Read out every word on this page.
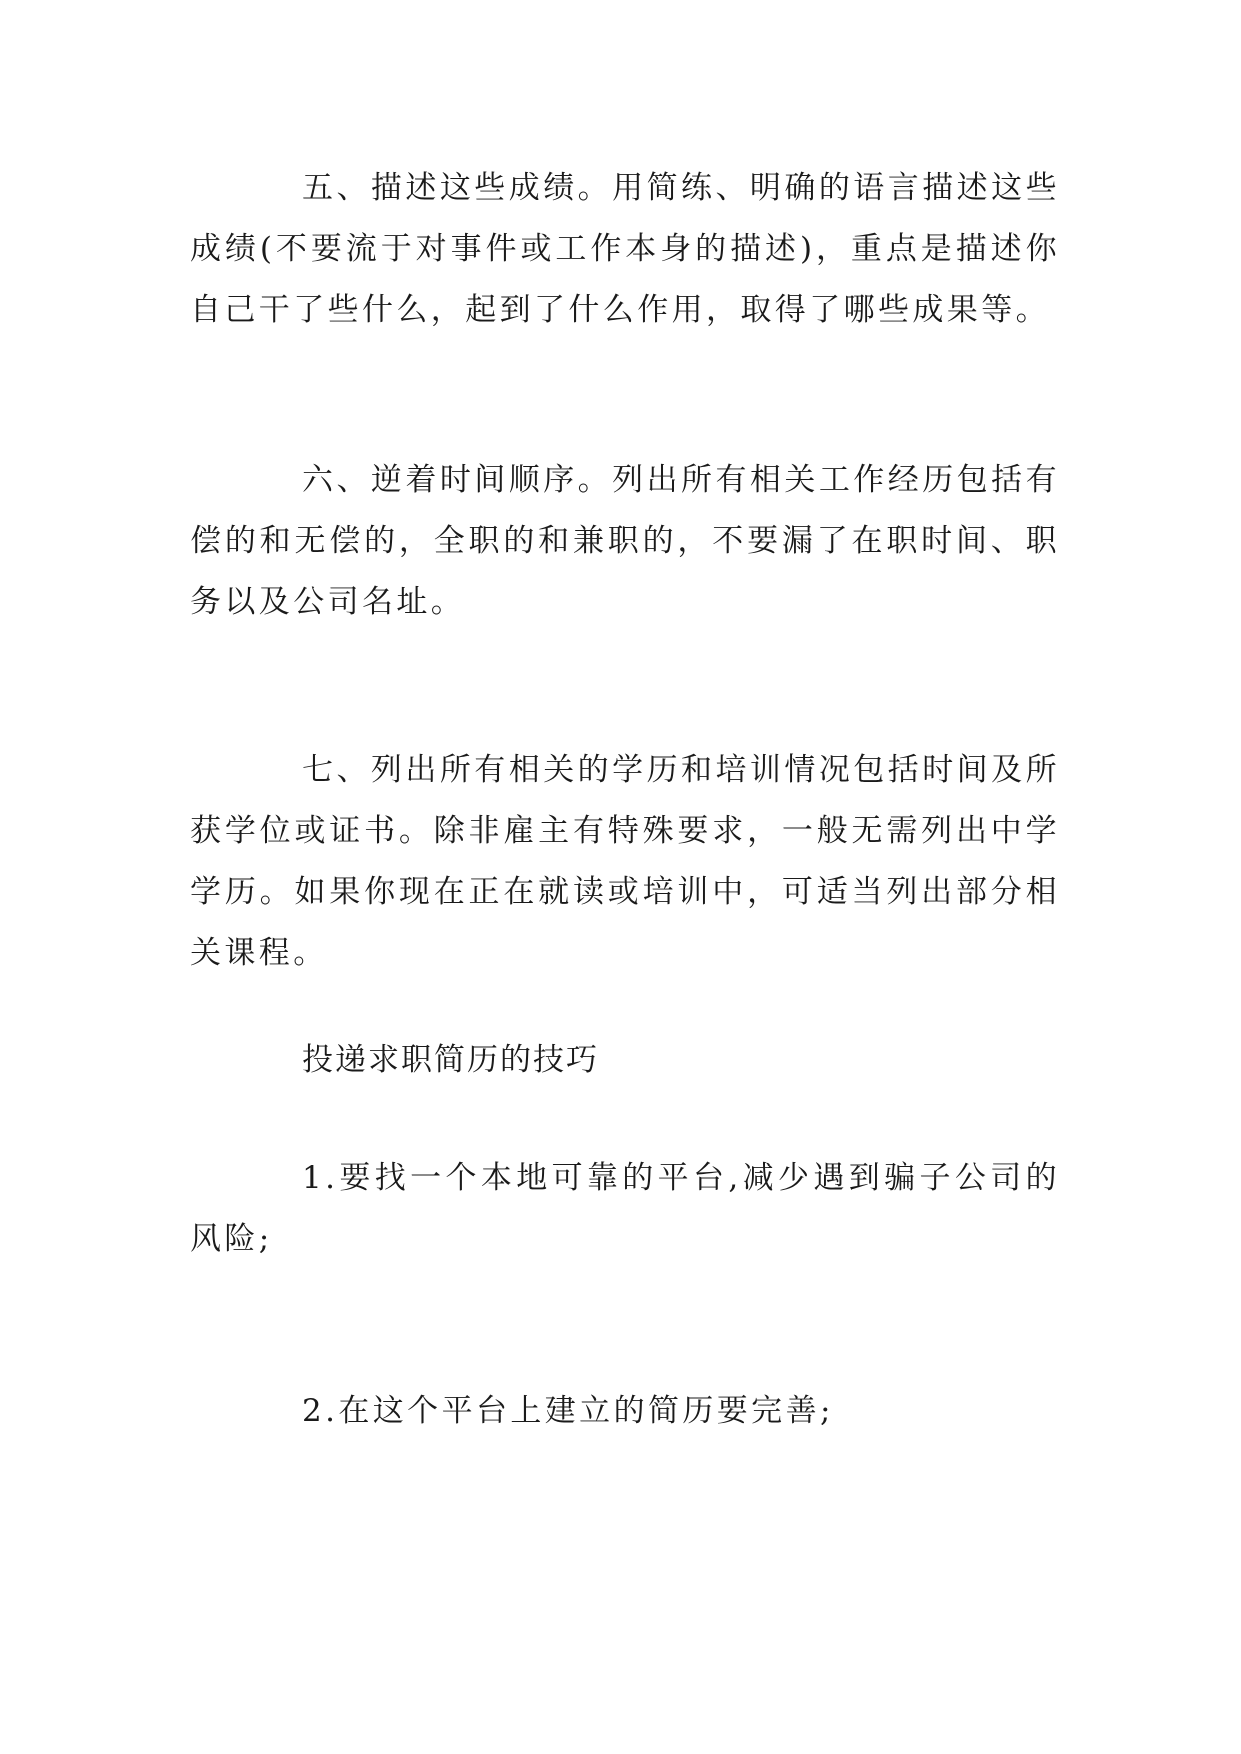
五、描述这些成绩。用简练、明确的语言描述这些成绩(不要流于对事件或工作本身的描述)，重点是描述你自己干了些什么，起到了什么作用，取得了哪些成果等。

六、逆着时间顺序。列出所有相关工作经历包括有偿的和无偿的，全职的和兼职的，不要漏了在职时间、职务以及公司名址。

七、列出所有相关的学历和培训情况包括时间及所获学位或证书。除非雇主有特殊要求，一般无需列出中学学历。如果你现在正在就读或培训中，可适当列出部分相关课程。

投递求职简历的技巧

1.要找一个本地可靠的平台,减少遇到骗子公司的风险;

2.在这个平台上建立的简历要完善;
